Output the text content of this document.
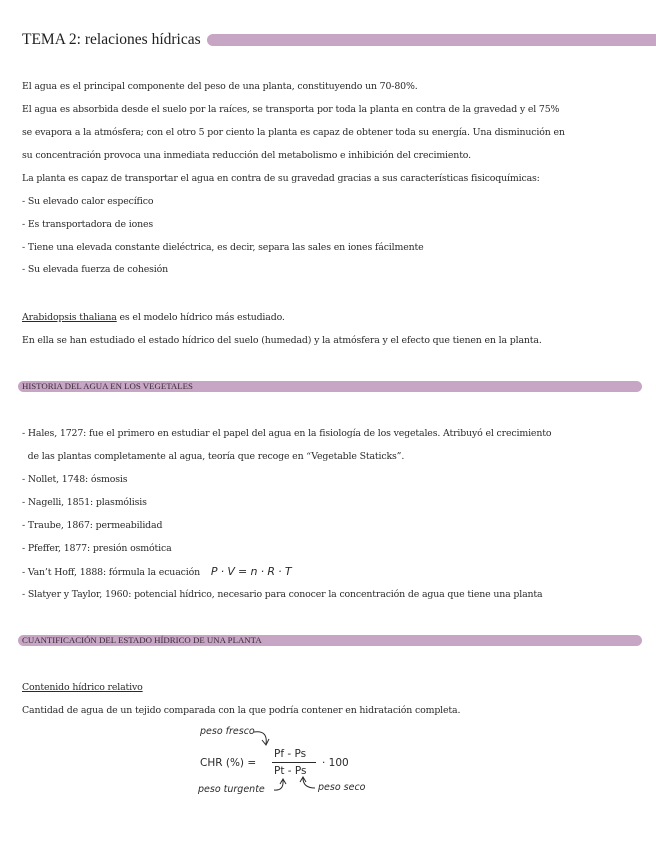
TEMA 2: relaciones hídricas
El agua es el principal componente del peso de una planta, constituyendo un 70-80%.
El agua es absorbida desde el suelo por la raíces, se transporta por toda la planta en contra de la gravedad y el 75%
se evapora a la atmósfera; con el otro 5 por ciento la planta es capaz de obtener toda su energía. Una disminución en
su concentración provoca una inmediata reducción del metabolismo e inhibición del crecimiento.
La planta es capaz de transportar el agua en contra de su gravedad gracias a sus características fisicoquímicas:
- Su elevado calor específico
- Es transportadora de iones
- Tiene una elevada constante dieléctrica, es decir, separa las sales en iones fácilmente
- Su elevada fuerza de cohesión
Arabidopsis thaliana es el modelo hídrico más estudiado.
En ella se han estudiado el estado hídrico del suelo (humedad) y la atmósfera y el efecto que tienen en la planta.
HISTORIA DEL AGUA EN LOS VEGETALES
- Hales, 1727: fue el primero en estudiar el papel del agua en la fisiología de los vegetales. Atribuyó el crecimiento
de las plantas completamente al agua, teoría que recoge en “Vegetable Staticks”.
- Nollet, 1748: ósmosis
- Nagelli, 1851: plasmólisis
- Traube, 1867: permeabilidad
- Pfeffer, 1877: presión osmótica
- Van’t Hoff, 1888: fórmula la ecuación P · V = n · R · T
- Slatyer y Taylor, 1960: potencial hídrico, necesario para conocer la concentración de agua que tiene una planta
CUANTIFICACIÓN DEL ESTADO HÍDRICO DE UNA PLANTA
Contenido hídrico relativo
Cantidad de agua de un tejido comparada con la que podría contener en hidratación completa.
peso fresco
CHR (%) =
Pf - Ps
Pt - Ps
· 100
peso turgente	peso seco
